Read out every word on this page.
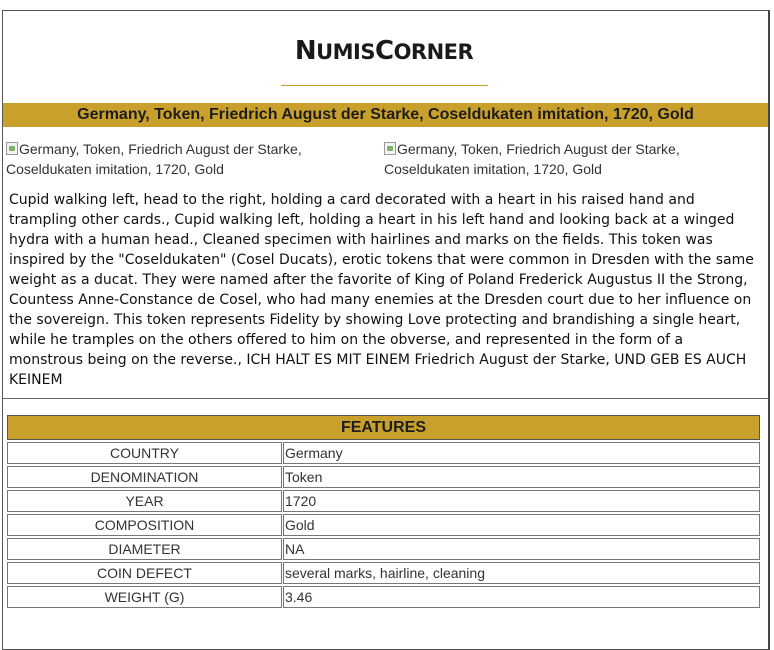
NUMISCORNER
Germany, Token, Friedrich August der Starke, Coseldukaten imitation, 1720, Gold
Germany, Token, Friedrich August der Starke, Coseldukaten imitation, 1720, Gold
Germany, Token, Friedrich August der Starke, Coseldukaten imitation, 1720, Gold
Cupid walking left, head to the right, holding a card decorated with a heart in his raised hand and trampling other cards., Cupid walking left, holding a heart in his left hand and looking back at a winged hydra with a human head., Cleaned specimen with hairlines and marks on the fields. This token was inspired by the "Coseldukaten" (Cosel Ducats), erotic tokens that were common in Dresden with the same weight as a ducat. They were named after the favorite of King of Poland Frederick Augustus II the Strong, Countess Anne-Constance de Cosel, who had many enemies at the Dresden court due to her influence on the sovereign. This token represents Fidelity by showing Love protecting and brandishing a single heart, while he tramples on the others offered to him on the obverse, and represented in the form of a monstrous being on the reverse., ICH HALT ES MIT EINEM Friedrich August der Starke, UND GEB ES AUCH KEINEM
FEATURES
COUNTRY	Germany
DENOMINATION	Token
YEAR	1720
COMPOSITION	Gold
DIAMETER	NA
COIN DEFECT	several marks, hairline, cleaning
WEIGHT (G)	3.46
